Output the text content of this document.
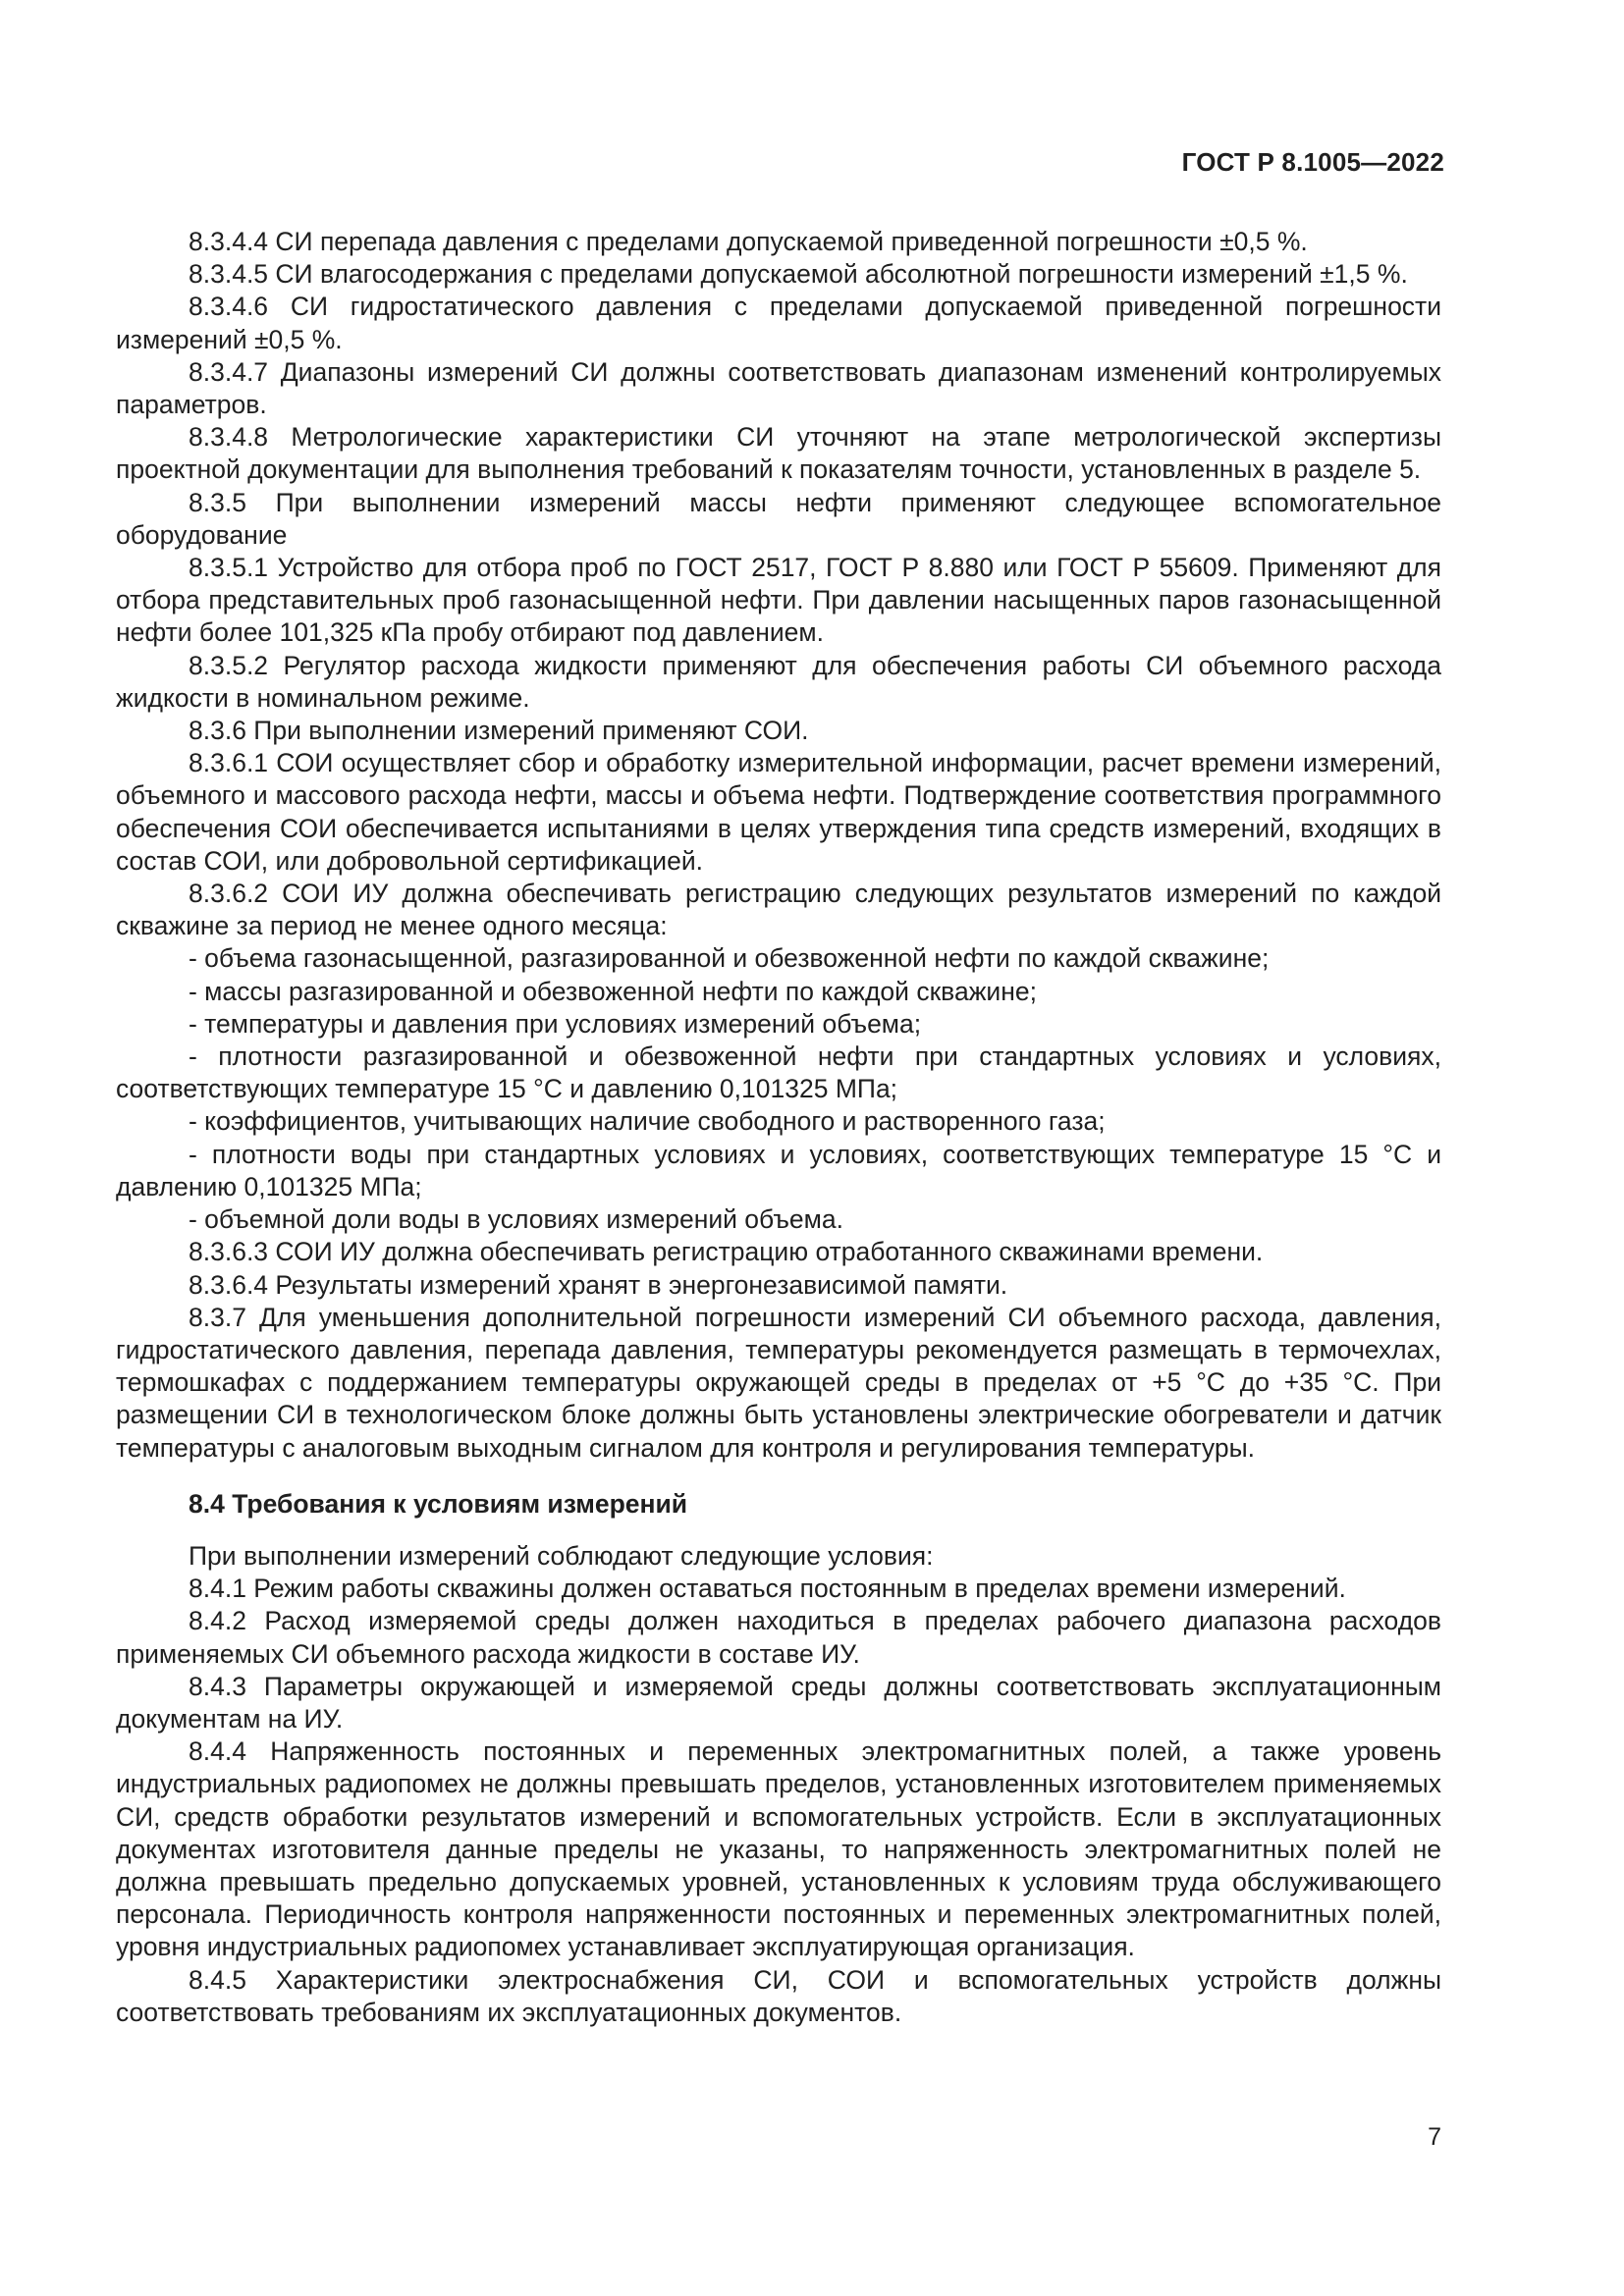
ГОСТ Р 8.1005—2022

8.3.4.4 СИ перепада давления с пределами допускаемой приведенной погрешности ±0,5 %.

8.3.4.5 СИ влагосодержания с пределами допускаемой абсолютной погрешности измерений ±1,5 %.

8.3.4.6 СИ гидростатического давления с пределами допускаемой приведенной погрешности измерений ±0,5 %.

8.3.4.7 Диапазоны измерений СИ должны соответствовать диапазонам изменений контролируемых параметров.

8.3.4.8 Метрологические характеристики СИ уточняют на этапе метрологической экспертизы проектной документации для выполнения требований к показателям точности, установленных в разделе 5.

8.3.5 При выполнении измерений массы нефти применяют следующее вспомогательное оборудование

8.3.5.1 Устройство для отбора проб по ГОСТ 2517, ГОСТ Р 8.880 или ГОСТ Р 55609. Применяют для отбора представительных проб газонасыщенной нефти. При давлении насыщенных паров газонасыщенной нефти более 101,325 кПа пробу отбирают под давлением.

8.3.5.2 Регулятор расхода жидкости применяют для обеспечения работы СИ объемного расхода жидкости в номинальном режиме.

8.3.6 При выполнении измерений применяют СОИ.

8.3.6.1 СОИ осуществляет сбор и обработку измерительной информации, расчет времени измерений, объемного и массового расхода нефти, массы и объема нефти. Подтверждение соответствия программного обеспечения СОИ обеспечивается испытаниями в целях утверждения типа средств измерений, входящих в состав СОИ, или добровольной сертификацией.

8.3.6.2 СОИ ИУ должна обеспечивать регистрацию следующих результатов измерений по каждой скважине за период не менее одного месяца:

- объема газонасыщенной, разгазированной и обезвоженной нефти по каждой скважине;

- массы разгазированной и обезвоженной нефти по каждой скважине;

- температуры и давления при условиях измерений объема;

- плотности разгазированной и обезвоженной нефти при стандартных условиях и условиях, соответствующих температуре 15 °С и давлению 0,101325 МПа;

- коэффициентов, учитывающих наличие свободного и растворенного газа;

- плотности воды при стандартных условиях и условиях, соответствующих температуре 15 °С и давлению 0,101325 МПа;

- объемной доли воды в условиях измерений объема.

8.3.6.3 СОИ ИУ должна обеспечивать регистрацию отработанного скважинами времени.

8.3.6.4 Результаты измерений хранят в энергонезависимой памяти.

8.3.7 Для уменьшения дополнительной погрешности измерений СИ объемного расхода, давления, гидростатического давления, перепада давления, температуры рекомендуется размещать в термочехлах, термошкафах с поддержанием температуры окружающей среды в пределах от +5 °С до +35 °С. При размещении СИ в технологическом блоке должны быть установлены электрические обогреватели и датчик температуры с аналоговым выходным сигналом для контроля и регулирования температуры.

8.4 Требования к условиям измерений

При выполнении измерений соблюдают следующие условия:

8.4.1 Режим работы скважины должен оставаться постоянным в пределах времени измерений.

8.4.2 Расход измеряемой среды должен находиться в пределах рабочего диапазона расходов применяемых СИ объемного расхода жидкости в составе ИУ.

8.4.3 Параметры окружающей и измеряемой среды должны соответствовать эксплуатационным документам на ИУ.

8.4.4 Напряженность постоянных и переменных электромагнитных полей, а также уровень индустриальных радиопомех не должны превышать пределов, установленных изготовителем применяемых СИ, средств обработки результатов измерений и вспомогательных устройств. Если в эксплуатационных документах изготовителя данные пределы не указаны, то напряженность электромагнитных полей не должна превышать предельно допускаемых уровней, установленных к условиям труда обслуживающего персонала. Периодичность контроля напряженности постоянных и переменных электромагнитных полей, уровня индустриальных радиопомех устанавливает эксплуатирующая организация.

8.4.5 Характеристики электроснабжения СИ, СОИ и вспомогательных устройств должны соответствовать требованиям их эксплуатационных документов.

7
